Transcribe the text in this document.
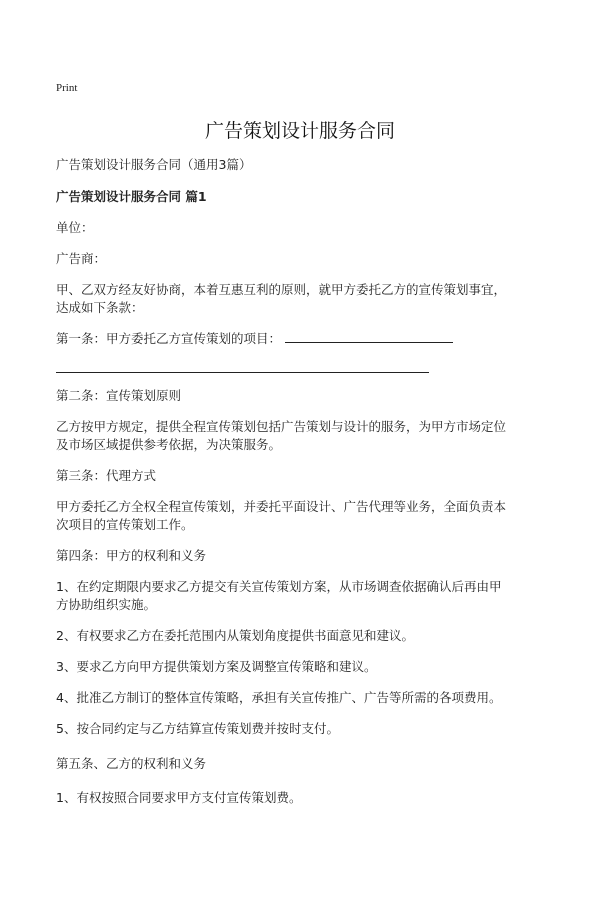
Print
广告策划设计服务合同
广告策划设计服务合同（通用3篇）
广告策划设计服务合同 篇1
单位：
广告商：
甲、乙双方经友好协商，本着互惠互利的原则，就甲方委托乙方的宣传策划事宜，
达成如下条款：
第一条：甲方委托乙方宣传策划的项目：
第二条：宣传策划原则
乙方按甲方规定，提供全程宣传策划包括广告策划与设计的服务，为甲方市场定位
及市场区域提供参考依据，为决策服务。
第三条：代理方式
甲方委托乙方全权全程宣传策划，并委托平面设计、广告代理等业务，全面负责本
次项目的宣传策划工作。
第四条：甲方的权利和义务
1、在约定期限内要求乙方提交有关宣传策划方案，从市场调查依据确认后再由甲
方协助组织实施。
2、有权要求乙方在委托范围内从策划角度提供书面意见和建议。
3、要求乙方向甲方提供策划方案及调整宣传策略和建议。
4、批准乙方制订的整体宣传策略，承担有关宣传推广、广告等所需的各项费用。
5、按合同约定与乙方结算宣传策划费并按时支付。
第五条、乙方的权利和义务
1、有权按照合同要求甲方支付宣传策划费。
